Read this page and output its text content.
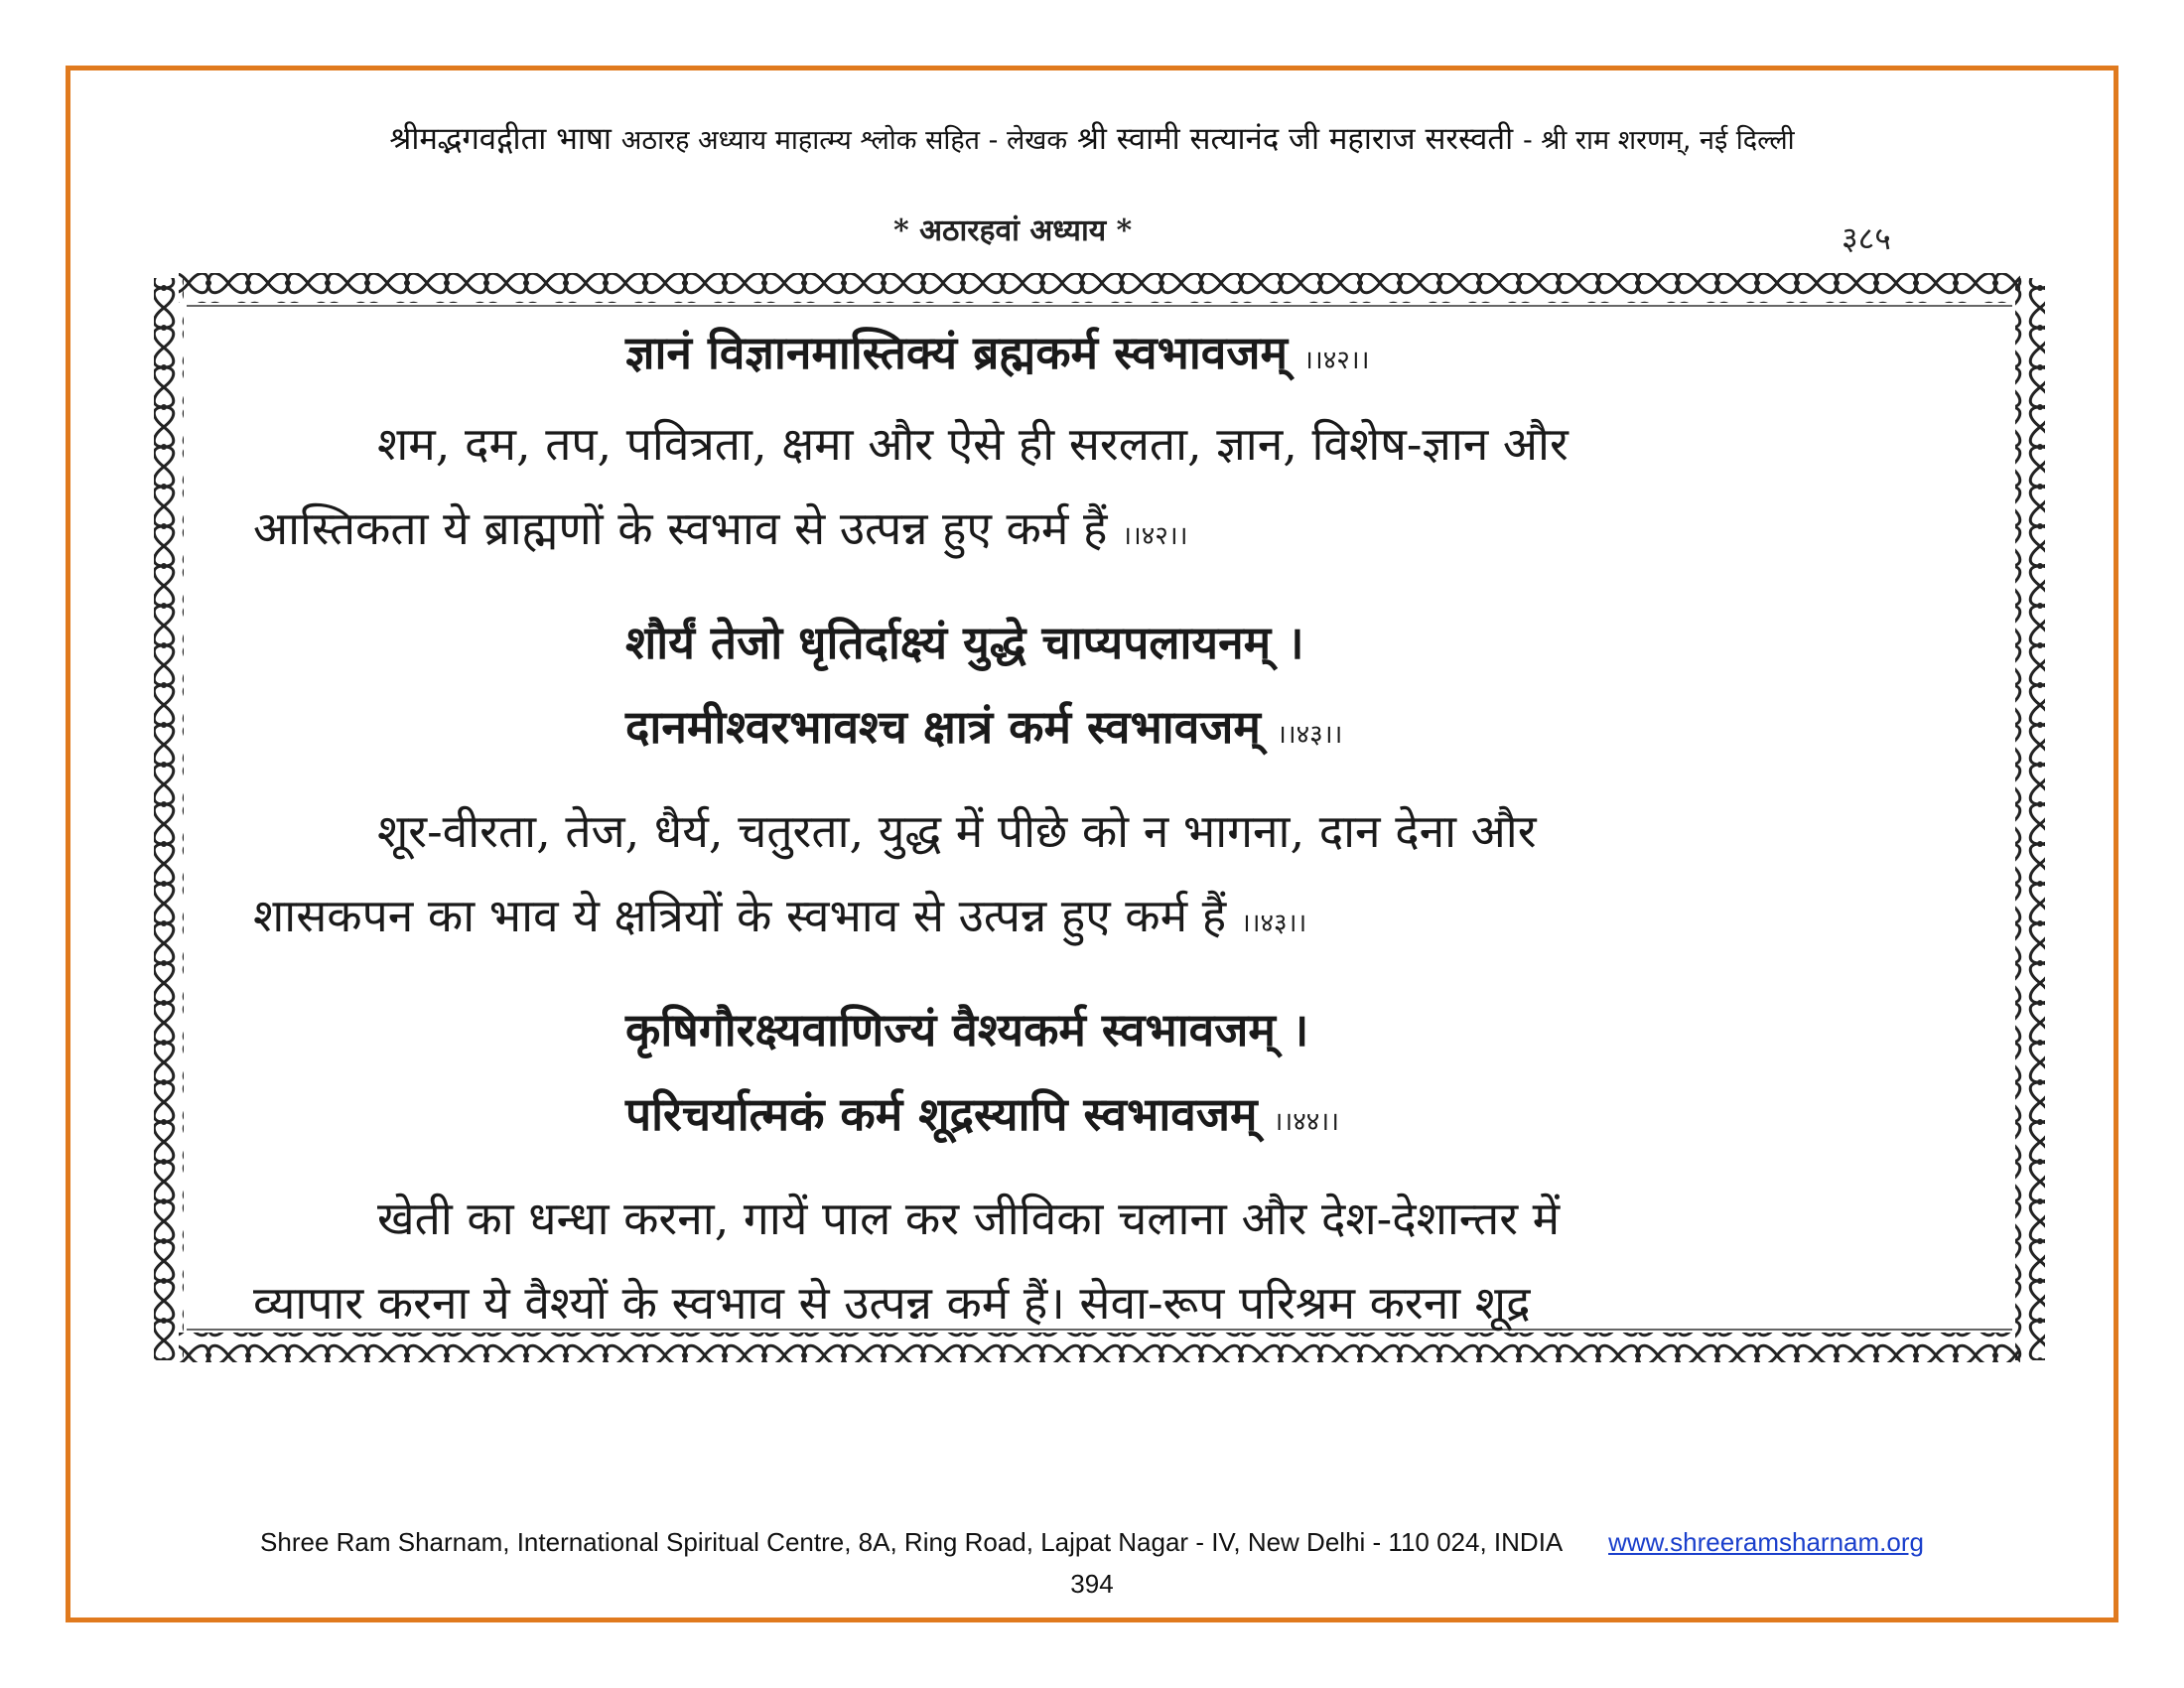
श्रीमद्भगवद्गीता भाषा अठारह अध्याय माहात्म्य श्लोक सहित - लेखक श्री स्वामी सत्यानंद जी महाराज सरस्वती - श्री राम शरणम्, नई दिल्ली
* अठारहवां अध्याय *	३८५
ज्ञानं विज्ञानमास्तिक्यं ब्रह्मकर्म स्वभावजम् ।।४२।।
शम, दम, तप, पवित्रता, क्षमा और ऐसे ही सरलता, ज्ञान, विशेष-ज्ञान और
आस्तिकता ये ब्राह्मणों के स्वभाव से उत्पन्न हुए कर्म हैं ।।४२।।
शौर्यं तेजो धृतिर्दाक्ष्यं युद्धे चाप्यपलायनम् ।
दानमीश्वरभावश्च क्षात्रं कर्म स्वभावजम् ।।४३।।
शूर-वीरता, तेज, धैर्य, चतुरता, युद्ध में पीछे को न भागना, दान देना और
शासकपन का भाव ये क्षत्रियों के स्वभाव से उत्पन्न हुए कर्म हैं ।।४३।।
कृषिगौरक्ष्यवाणिज्यं वैश्यकर्म स्वभावजम् ।
परिचर्यात्मकं कर्म शूद्रस्यापि स्वभावजम् ।।४४।।
खेती का धन्धा करना, गायें पाल कर जीविका चलाना और देश-देशान्तर में
व्यापार करना ये वैश्यों के स्वभाव से उत्पन्न कर्म हैं। सेवा-रूप परिश्रम करना शूद्र
Shree Ram Sharnam, International Spiritual Centre, 8A, Ring Road, Lajpat Nagar - IV, New Delhi - 110 024, INDIA www.shreeramsharnam.org
394
